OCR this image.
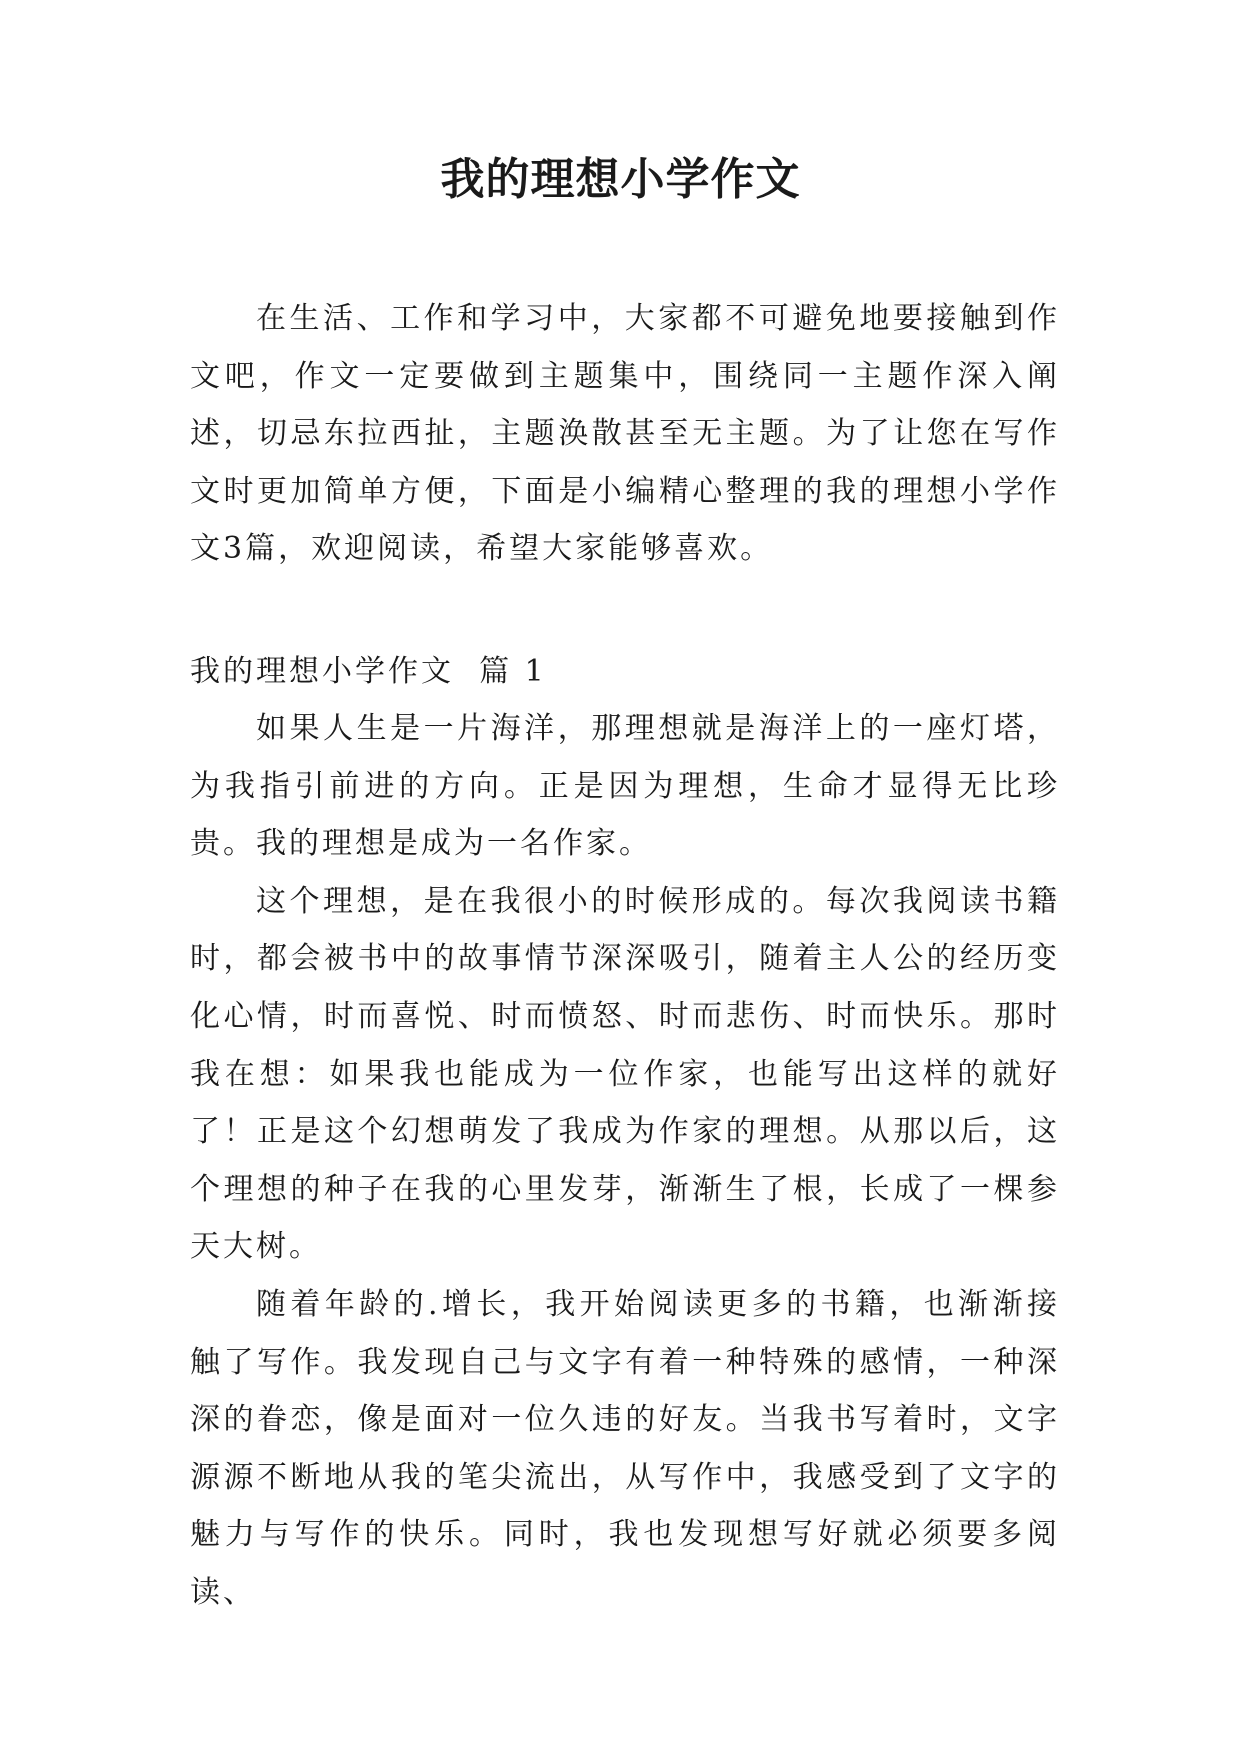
我的理想小学作文

在生活、工作和学习中，大家都不可避免地要接触到作文吧，作文一定要做到主题集中，围绕同一主题作深入阐述，切忌东拉西扯，主题涣散甚至无主题。为了让您在写作文时更加简单方便，下面是小编精心整理的我的理想小学作文3篇，欢迎阅读，希望大家能够喜欢。

我的理想小学作文  篇 1

如果人生是一片海洋，那理想就是海洋上的一座灯塔，为我指引前进的方向。正是因为理想，生命才显得无比珍贵。我的理想是成为一名作家。

这个理想，是在我很小的时候形成的。每次我阅读书籍时，都会被书中的故事情节深深吸引，随着主人公的经历变化心情，时而喜悦、时而愤怒、时而悲伤、时而快乐。那时我在想：如果我也能成为一位作家，也能写出这样的就好了！正是这个幻想萌发了我成为作家的理想。从那以后，这个理想的种子在我的心里发芽，渐渐生了根，长成了一棵参天大树。

随着年龄的.增长，我开始阅读更多的书籍，也渐渐接触了写作。我发现自己与文字有着一种特殊的感情，一种深深的眷恋，像是面对一位久违的好友。当我书写着时，文字源源不断地从我的笔尖流出，从写作中，我感受到了文字的魅力与写作的快乐。同时，我也发现想写好就必须要多阅读、
